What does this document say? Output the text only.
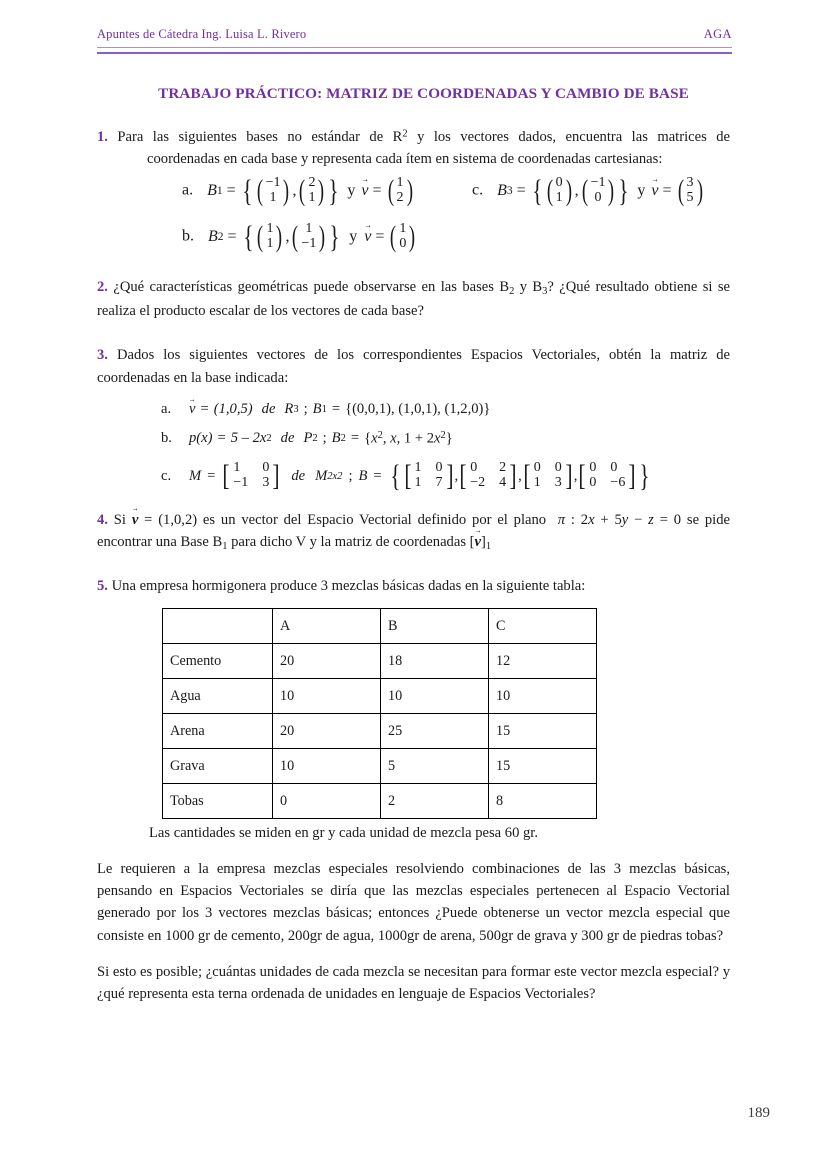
Apuntes de Cátedra Ing. Luisa L. Rivero	AGA
TRABAJO PRÁCTICO: MATRIZ DE COORDENADAS Y CAMBIO DE BASE
1. Para las siguientes bases no estándar de $R^2$ y los vectores dados, encuentra las matrices de
coordenadas en cada base y representa cada ítem en sistema de coordenadas cartesianas:
a. B 1 = { ( −1
1 ) , ( 2
1 ) } y → v = ( 1
2 )	c. B 3 = { ( 0
1 ) , ( −1
0 ) } y → v = ( 3
5 )
b. B 2 = { ( 1
1 ) , ( 1
−1 ) } y → v = ( 1
0 )
2. ¿Qué características geométricas puede observarse en las bases $B_2$ y $B_3$? ¿Qué resultado obtiene si se realiza el producto escalar de los vectores de cada base?
3. Dados los siguientes vectores de los correspondientes Espacios Vectoriales, obtén la matriz de coordenadas en la base indicada:
a.	→ v = (1,0,5) de R 3 ; B 1 = {(0,0,1), (1,0,1), (1,2,0)}
b.	p(x) = 5 – 2x 2 de P 2 ; B $2 = \{x^2$, x, $1 + 2x^2$}
c.	M = [ 1	0
−1 3 ] de M 2x2 ; B = { [ 1 0
1 7 ] , [ 0	2
−2 4 ] , [ 0 0
1 3 ] , [ 0 0
0 −6 ] }
4. Si → v = (1,0,2) es un vector del Espacio Vectorial definido por el plano  π : 2x + 5y − z = 0 se pide encontrar una Base $B_1$ para dicho V y la matriz de coordenadas [→ $v]_1$
5. Una empresa hormigonera produce 3 mezclas básicas dadas en la siguiente tabla:
	A	B	C
Cemento	20	18	12
Agua	10	10	10
Arena	20	25	15
Grava	10	5	15
Tobas	0	2	8
Las cantidades se miden en gr y cada unidad de mezcla pesa 60 gr.
Le requieren a la empresa mezclas especiales resolviendo combinaciones de las 3 mezclas básicas, pensando en Espacios Vectoriales se diría que las mezclas especiales pertenecen al Espacio Vectorial generado por los 3 vectores mezclas básicas; entonces ¿Puede obtenerse un vector mezcla especial que consiste en 1000 gr de cemento, 200gr de agua, 1000gr de arena, 500gr de grava y 300 gr de piedras tobas?
Si esto es posible; ¿cuántas unidades de cada mezcla se necesitan para formar este vector mezcla especial? y ¿qué representa esta terna ordenada de unidades en lenguaje de Espacios Vectoriales?
189
